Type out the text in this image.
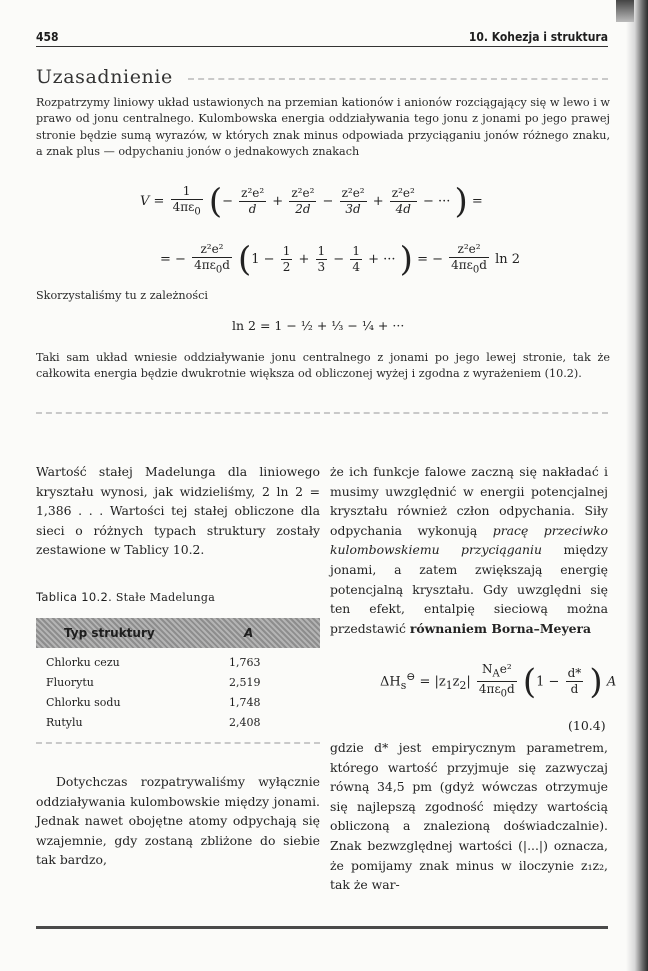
458	10. Kohezja i struktura
Uzasadnienie

Rozpatrzymy liniowy układ ustawionych na przemian kationów i anionów rozciągający się w lewo i w prawo od jonu centralnego. Kulombowska energia oddziaływania tego jonu z jonami po jego prawej stronie będzie sumą wyrazów, w których znak minus odpowiada przyciąganiu jonów różnego znaku, a znak plus — odpychaniu jonów o jednakowych znakach

$V = \frac{1}{4\pi\varepsilon_0}$ (− $\frac{\text{z²e²}}{d} + \frac{\text{z²e²}}{2d} - \frac{\text{z²e²}}{3d} + \frac{\text{z²e²}}{4d}$ − ··· ) =
= − $\frac{\text{z²e²}}{4\pi\varepsilon_0d} (1 - \frac{1}{2} + \frac{1}{3} - \frac{1}{4}$ + ··· ) = − $\frac{\text{z²e²}}{4\pi\varepsilon_0d}$ ln 2

Skorzystaliśmy tu z zależności

ln 2 = 1 − ½ + ⅓ − ¼ + ···

Taki sam układ wniesie oddziaływanie jonu centralnego z jonami po jego lewej stronie, tak że całkowita energia będzie dwukrotnie większa od obliczonej wyżej i zgodna z wyrażeniem (10.2).

Wartość stałej Madelunga dla liniowego kryształu wynosi, jak widzieliśmy, 2 ln 2 = 1,386 . . . Wartości tej stałej obliczone dla sieci o różnych typach struktury zostały zestawione w Tablicy 10.2.

Tablica 10.2. Stałe Madelunga
Typ struktury	A
Chlorku cezu	1,763
Fluorytu	2,519
Chlorku sodu	1,748
Rutylu	2,408

Dotychczas rozpatrywaliśmy wyłącznie oddziaływania kulombowskie między jonami. Jednak nawet obojętne atomy odpychają się wzajemnie, gdy zostaną zbliżone do siebie tak bardzo,

że ich funkcje falowe zaczną się nakładać i musimy uwzględnić w energii potencjalnej kryształu również człon odpychania. Siły odpychania wykonują pracę przeciwko kulombowskiemu przyciąganiu między jonami, a zatem zwiększają energię potencjalną kryształu. Gdy uwzględni się ten efekt, entalpię sieciową można przedstawić równaniem Borna–Meyera

$\Delta H_s^⊖ = |z_1z_2| \frac{N_Ae^2}{4\pi\varepsilon_0d} (1 - \frac{d*}{d}$ ) A
(10.4)

gdzie d* jest empirycznym parametrem, którego wartość przyjmuje się zazwyczaj równą 34,5 pm (gdyż wówczas otrzymuje się najlepszą zgodność między wartością obliczoną a znalezioną doświadczalnie). Znak bezwzględnej wartości (|...|) oznacza, że pomijamy znak minus w iloczynie z₁z₂, tak że war-
